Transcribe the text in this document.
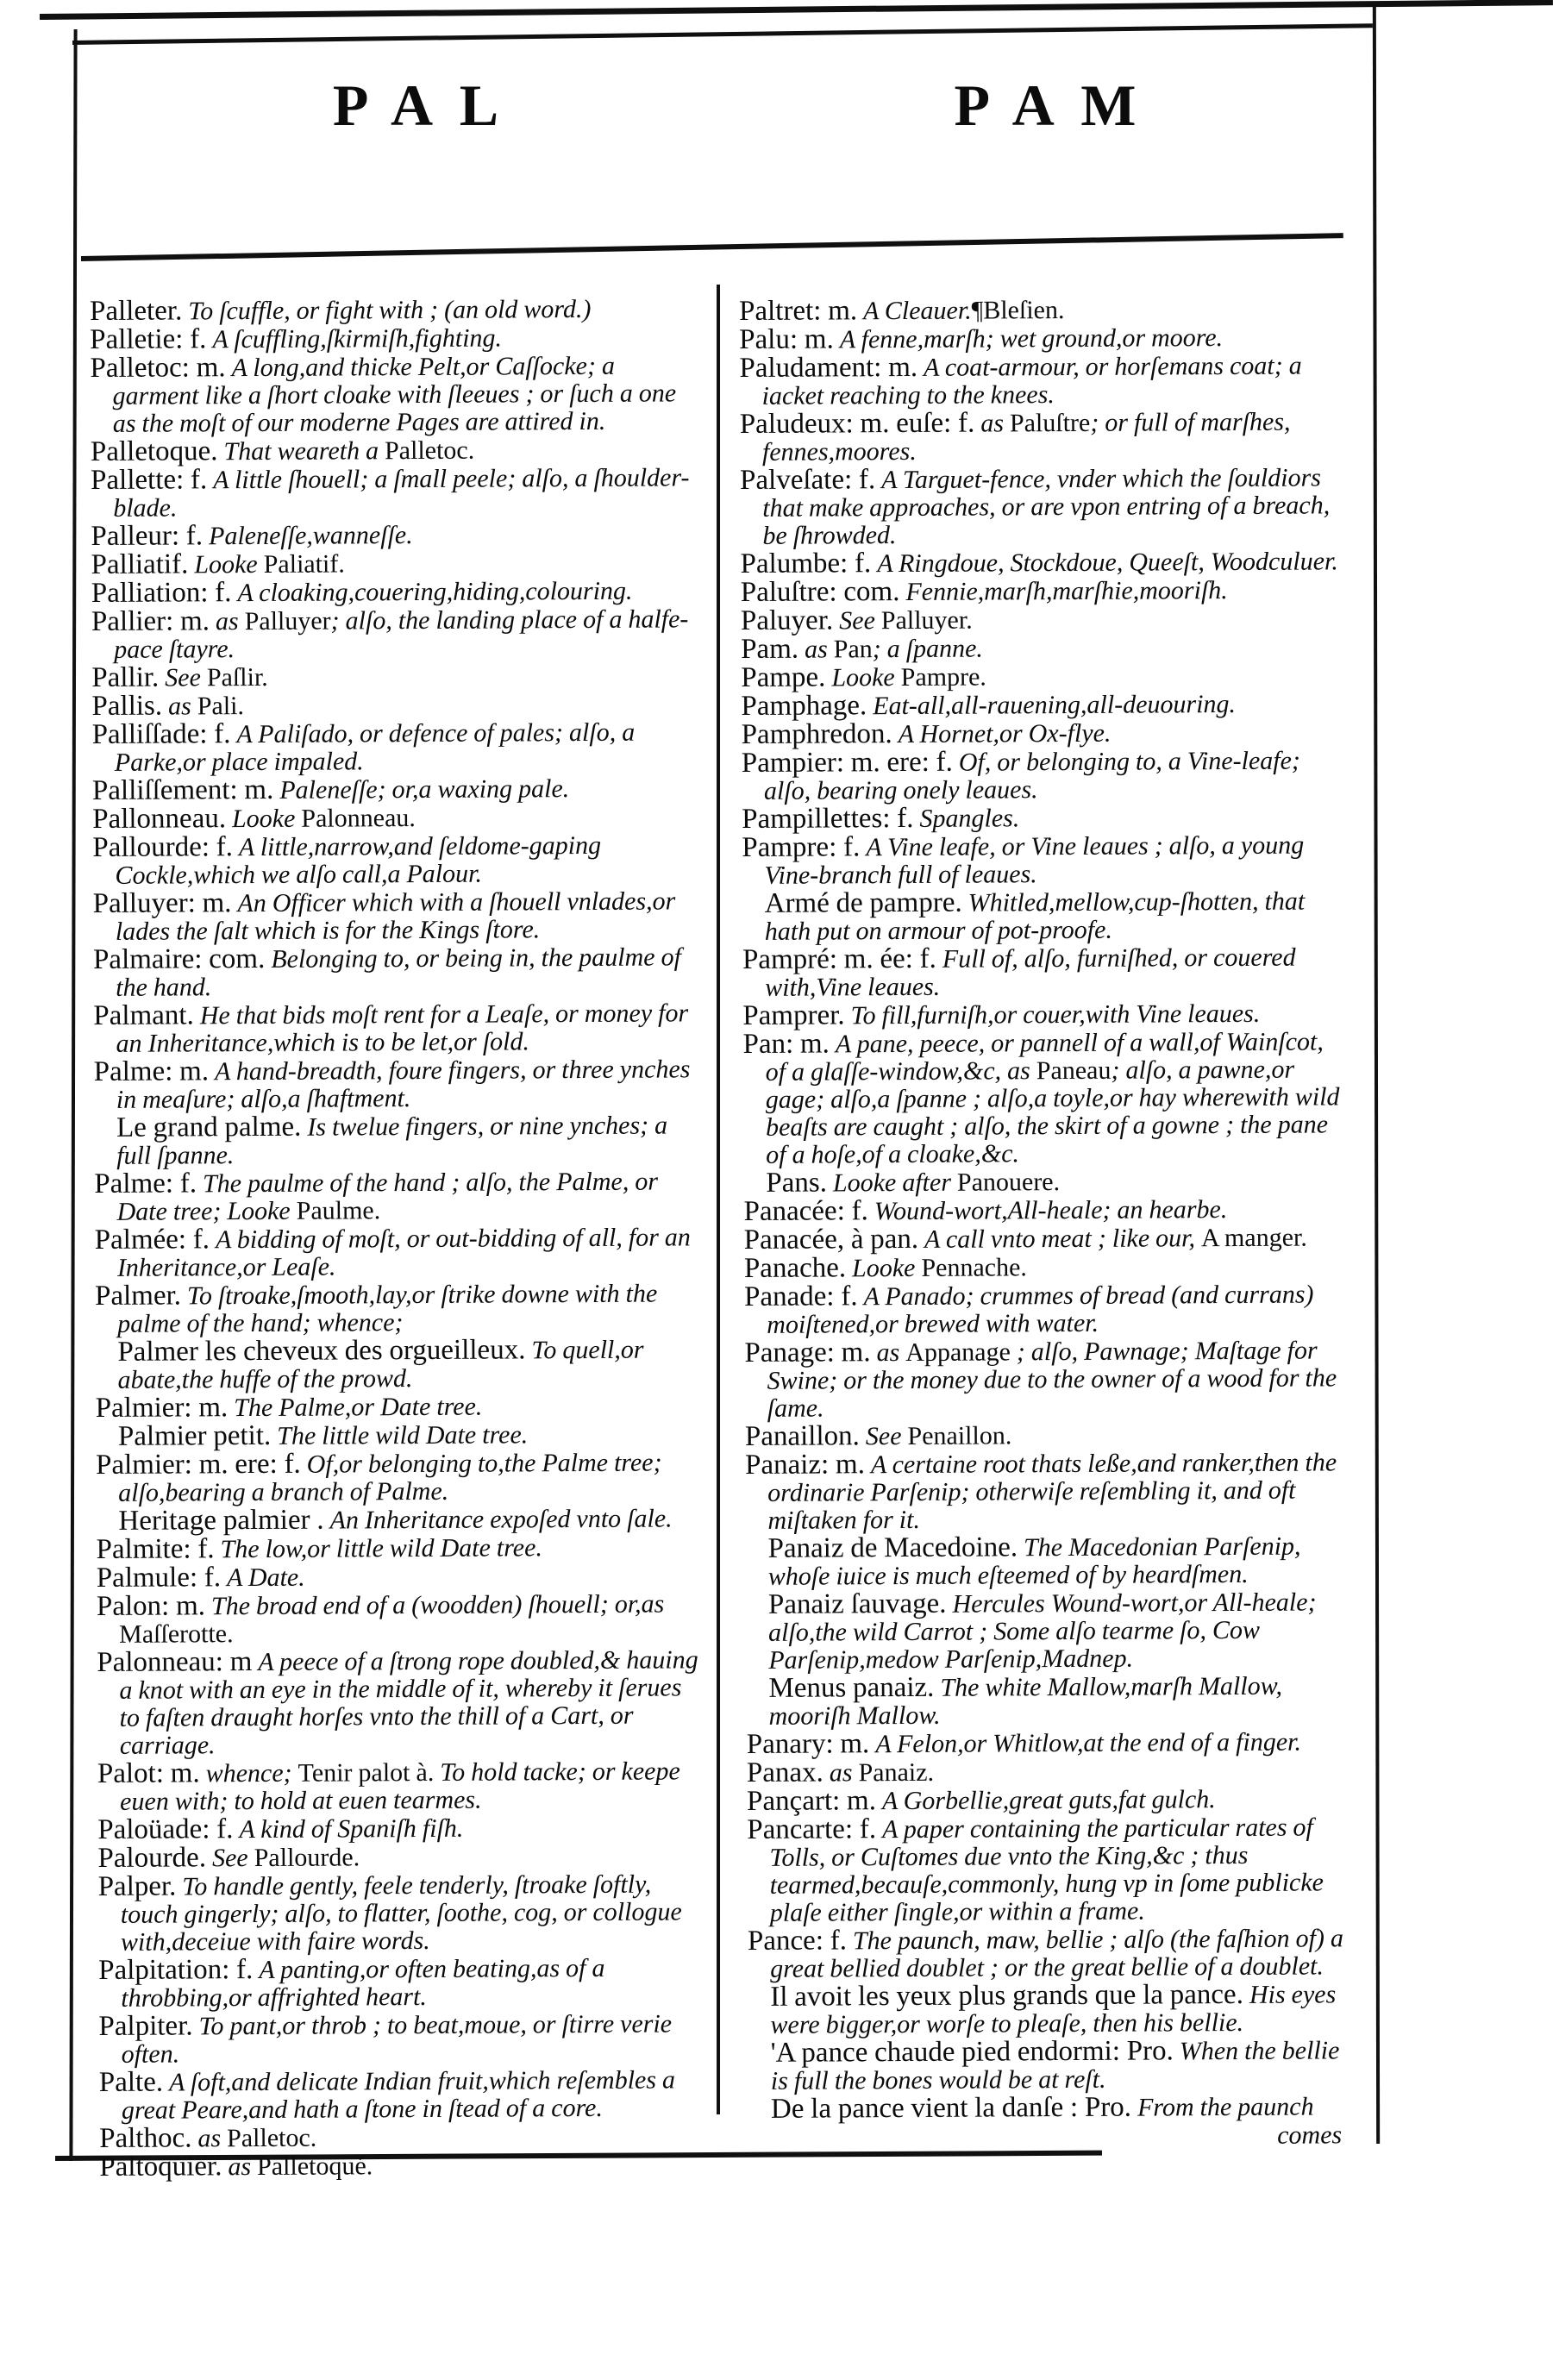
PAL	PAM
Palleter. To ſcuffle, or fight with ; (an old word.)
Palletie: f. A ſcuffling,ſkirmiſh,fighting.
Palletoc: m. A long,and thicke Pelt,or Caſſocke; a garment like a ſhort cloake with ſleeues ; or ſuch a one as the moſt of our moderne Pages are attired in.
Palletoque. That weareth a Palletoc.
Pallette: f. A little ſhouell; a ſmall peele; alſo, a ſhoulder-blade.
Palleur: f. Paleneſſe,wanneſſe.
Palliatif. Looke Paliatif.
Palliation: f. A cloaking,couering,hiding,colouring.
Pallier: m. as Palluyer; alſo, the landing place of a halfe-pace ſtayre.
Pallir. See Paſlir.
Pallis. as Pali.
Palliſſade: f. A Paliſado, or defence of pales; alſo, a Parke,or place impaled.
Palliſſement: m. Paleneſſe; or,a waxing pale.
Pallonneau. Looke Palonneau.
Pallourde: f. A little,narrow,and ſeldome-gaping Cockle,which we alſo call,a Palour.
Palluyer: m. An Officer which with a ſhouell vnlades,or lades the ſalt which is for the Kings ſtore.
Palmaire: com. Belonging to, or being in, the paulme of the hand.
Palmant. He that bids moſt rent for a Leaſe, or money for an Inheritance,which is to be let,or ſold.
Palme: m. A hand-breadth, foure fingers, or three ynches in meaſure; alſo,a ſhaftment.
Le grand palme. Is twelue fingers, or nine ynches; a full ſpanne.
Palme: f. The paulme of the hand ; alſo, the Palme, or Date tree; Looke Paulme.
Palmée: f. A bidding of moſt, or out-bidding of all, for an Inheritance,or Leaſe.
Palmer. To ſtroake,ſmooth,lay,or ſtrike downe with the palme of the hand; whence;
Palmer les cheveux des orgueilleux. To quell,or abate,the huffe of the prowd.
Palmier: m. The Palme,or Date tree.
Palmier petit. The little wild Date tree.
Palmier: m. ere: f. Of,or belonging to,the Palme tree; alſo,bearing a branch of Palme.
Heritage palmier . An Inheritance expoſed vnto ſale.
Palmite: f. The low,or little wild Date tree.
Palmule: f. A Date.
Palon: m. The broad end of a (woodden) ſhouell; or,as Maſſerotte.
Palonneau: m A peece of a ſtrong rope doubled,& hauing a knot with an eye in the middle of it, whereby it ſerues to faſten draught horſes vnto the thill of a Cart, or carriage.
Palot: m. whence; Tenir palot à. To hold tacke; or keepe euen with; to hold at euen tearmes.
Paloüade: f. A kind of Spaniſh fiſh.
Palourde. See Pallourde.
Palper. To handle gently, feele tenderly, ſtroake ſoftly, touch gingerly; alſo, to flatter, ſoothe, cog, or collogue with,deceiue with faire words.
Palpitation: f. A panting,or often beating,as of a throbbing,or affrighted heart.
Palpiter. To pant,or throb ; to beat,moue, or ſtirre verie often.
Palte. A ſoft,and delicate Indian fruit,which reſembles a great Peare,and hath a ſtone in ſtead of a core.
Palthoc. as Palletoc.
Paltoquier. as Palletoqué.
Paltret: m. A Cleauer.¶Bleſien.
Palu: m. A fenne,marſh; wet ground,or moore.
Paludament: m. A coat-armour, or horſemans coat; a iacket reaching to the knees.
Paludeux: m. euſe: f. as Paluſtre; or full of marſhes, fennes,moores.
Palveſate: f. A Targuet-fence, vnder which the ſouldiors that make approaches, or are vpon entring of a breach, be ſhrowded.
Palumbe: f. A Ringdoue, Stockdoue, Queeſt, Woodculuer.
Paluſtre: com. Fennie,marſh,marſhie,mooriſh.
Paluyer. See Palluyer.
Pam. as Pan; a ſpanne.
Pampe. Looke Pampre.
Pamphage. Eat-all,all-rauening,all-deuouring.
Pamphredon. A Hornet,or Ox-flye.
Pampier: m. ere: f. Of, or belonging to, a Vine-leafe; alſo, bearing onely leaues.
Pampillettes: f. Spangles.
Pampre: f. A Vine leafe, or Vine leaues ; alſo, a young Vine-branch full of leaues.
Armé de pampre. Whitled,mellow,cup-ſhotten, that hath put on armour of pot-proofe.
Pampré: m. ée: f. Full of, alſo, furniſhed, or couered with,Vine leaues.
Pamprer. To fill,furniſh,or couer,with Vine leaues.
Pan: m. A pane, peece, or pannell of a wall,of Wainſcot, of a glaſſe-window,&c, as Paneau; alſo, a pawne,or gage; alſo,a ſpanne ; alſo,a toyle,or hay wherewith wild beaſts are caught ; alſo, the skirt of a gowne ; the pane of a hoſe,of a cloake,&c.
Pans. Looke after Panouere.
Panacée: f. Wound-wort,All-heale; an hearbe.
Panacée, à pan. A call vnto meat ; like our, A manger.
Panache. Looke Pennache.
Panade: f. A Panado; crummes of bread (and currans) moiſtened,or brewed with water.
Panage: m. as Appanage ; alſo, Pawnage; Maſtage for Swine; or the money due to the owner of a wood for the ſame.
Panaillon. See Penaillon.
Panaiz: m. A certaine root thats leße,and ranker,then the ordinarie Parſenip; otherwiſe reſembling it, and oft miſtaken for it.
Panaiz de Macedoine. The Macedonian Parſenip, whoſe iuice is much eſteemed of by heardſmen.
Panaiz ſauvage. Hercules Wound-wort,or All-heale; alſo,the wild Carrot ; Some alſo tearme ſo, Cow Parſenip,medow Parſenip,Madnep.
Menus panaiz. The white Mallow,marſh Mallow, mooriſh Mallow.
Panary: m. A Felon,or Whitlow,at the end of a finger.
Panax. as Panaiz.
Pançart: m. A Gorbellie,great guts,fat gulch.
Pancarte: f. A paper containing the particular rates of Tolls, or Cuſtomes due vnto the King,&c ; thus tearmed,becauſe,commonly, hung vp in ſome publicke plaſe either ſingle,or within a frame.
Pance: f. The paunch, maw, bellie ; alſo (the faſhion of) a great bellied doublet ; or the great bellie of a doublet.
Il avoit les yeux plus grands que la pance. His eyes were bigger,or worſe to pleaſe, then his bellie.
'A pance chaude pied endormi: Pro. When the bellie is full the bones would be at reſt.
De la pance vient la danſe : Pro. From the paunch
comes
